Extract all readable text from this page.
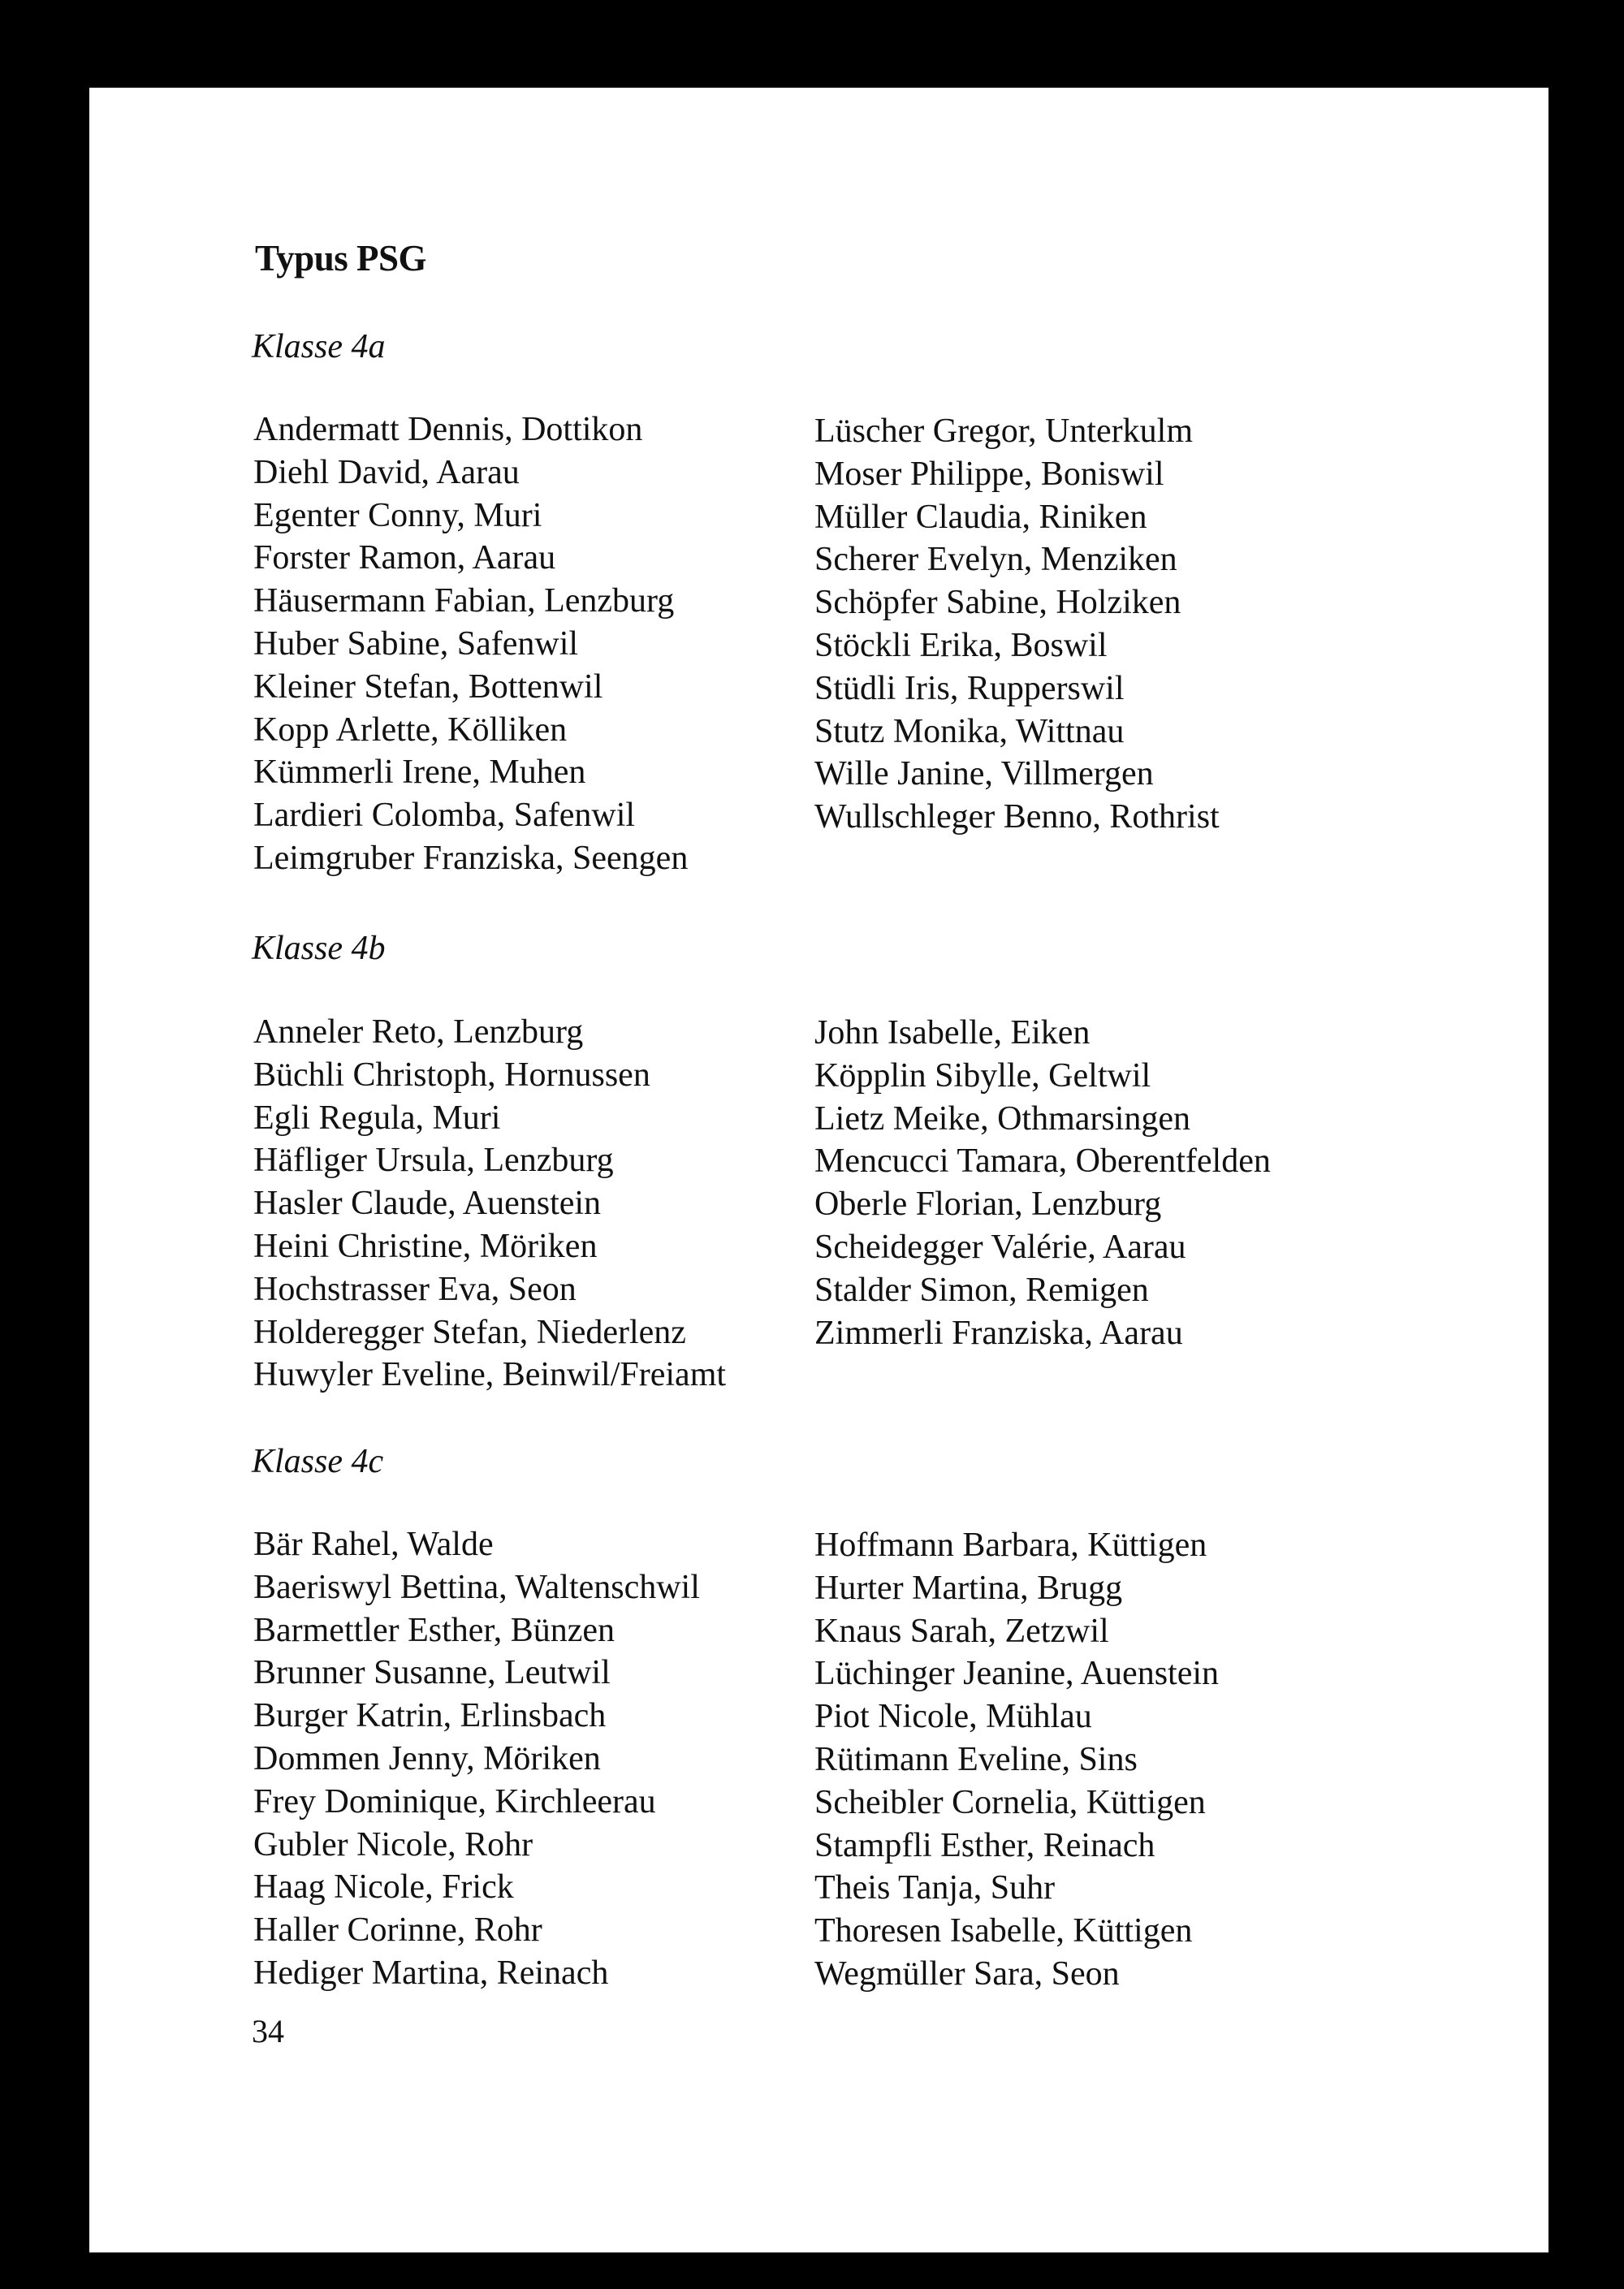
Typus PSG
Klasse 4a
Andermatt Dennis, Dottikon
Diehl David, Aarau
Egenter Conny, Muri
Forster Ramon, Aarau
Häusermann Fabian, Lenzburg
Huber Sabine, Safenwil
Kleiner Stefan, Bottenwil
Kopp Arlette, Kölliken
Kümmerli Irene, Muhen
Lardieri Colomba, Safenwil
Leimgruber Franziska, Seengen
Lüscher Gregor, Unterkulm
Moser Philippe, Boniswil
Müller Claudia, Riniken
Scherer Evelyn, Menziken
Schöpfer Sabine, Holziken
Stöckli Erika, Boswil
Stüdli Iris, Rupperswil
Stutz Monika, Wittnau
Wille Janine, Villmergen
Wullschleger Benno, Rothrist
Klasse 4b
Anneler Reto, Lenzburg
Büchli Christoph, Hornussen
Egli Regula, Muri
Häfliger Ursula, Lenzburg
Hasler Claude, Auenstein
Heini Christine, Möriken
Hochstrasser Eva, Seon
Holderegger Stefan, Niederlenz
Huwyler Eveline, Beinwil/Freiamt
John Isabelle, Eiken
Köpplin Sibylle, Geltwil
Lietz Meike, Othmarsingen
Mencucci Tamara, Oberentfelden
Oberle Florian, Lenzburg
Scheidegger Valérie, Aarau
Stalder Simon, Remigen
Zimmerli Franziska, Aarau
Klasse 4c
Bär Rahel, Walde
Baeriswyl Bettina, Waltenschwil
Barmettler Esther, Bünzen
Brunner Susanne, Leutwil
Burger Katrin, Erlinsbach
Dommen Jenny, Möriken
Frey Dominique, Kirchleerau
Gubler Nicole, Rohr
Haag Nicole, Frick
Haller Corinne, Rohr
Hediger Martina, Reinach
Hoffmann Barbara, Küttigen
Hurter Martina, Brugg
Knaus Sarah, Zetzwil
Lüchinger Jeanine, Auenstein
Piot Nicole, Mühlau
Rütimann Eveline, Sins
Scheibler Cornelia, Küttigen
Stampfli Esther, Reinach
Theis Tanja, Suhr
Thoresen Isabelle, Küttigen
Wegmüller Sara, Seon

34
